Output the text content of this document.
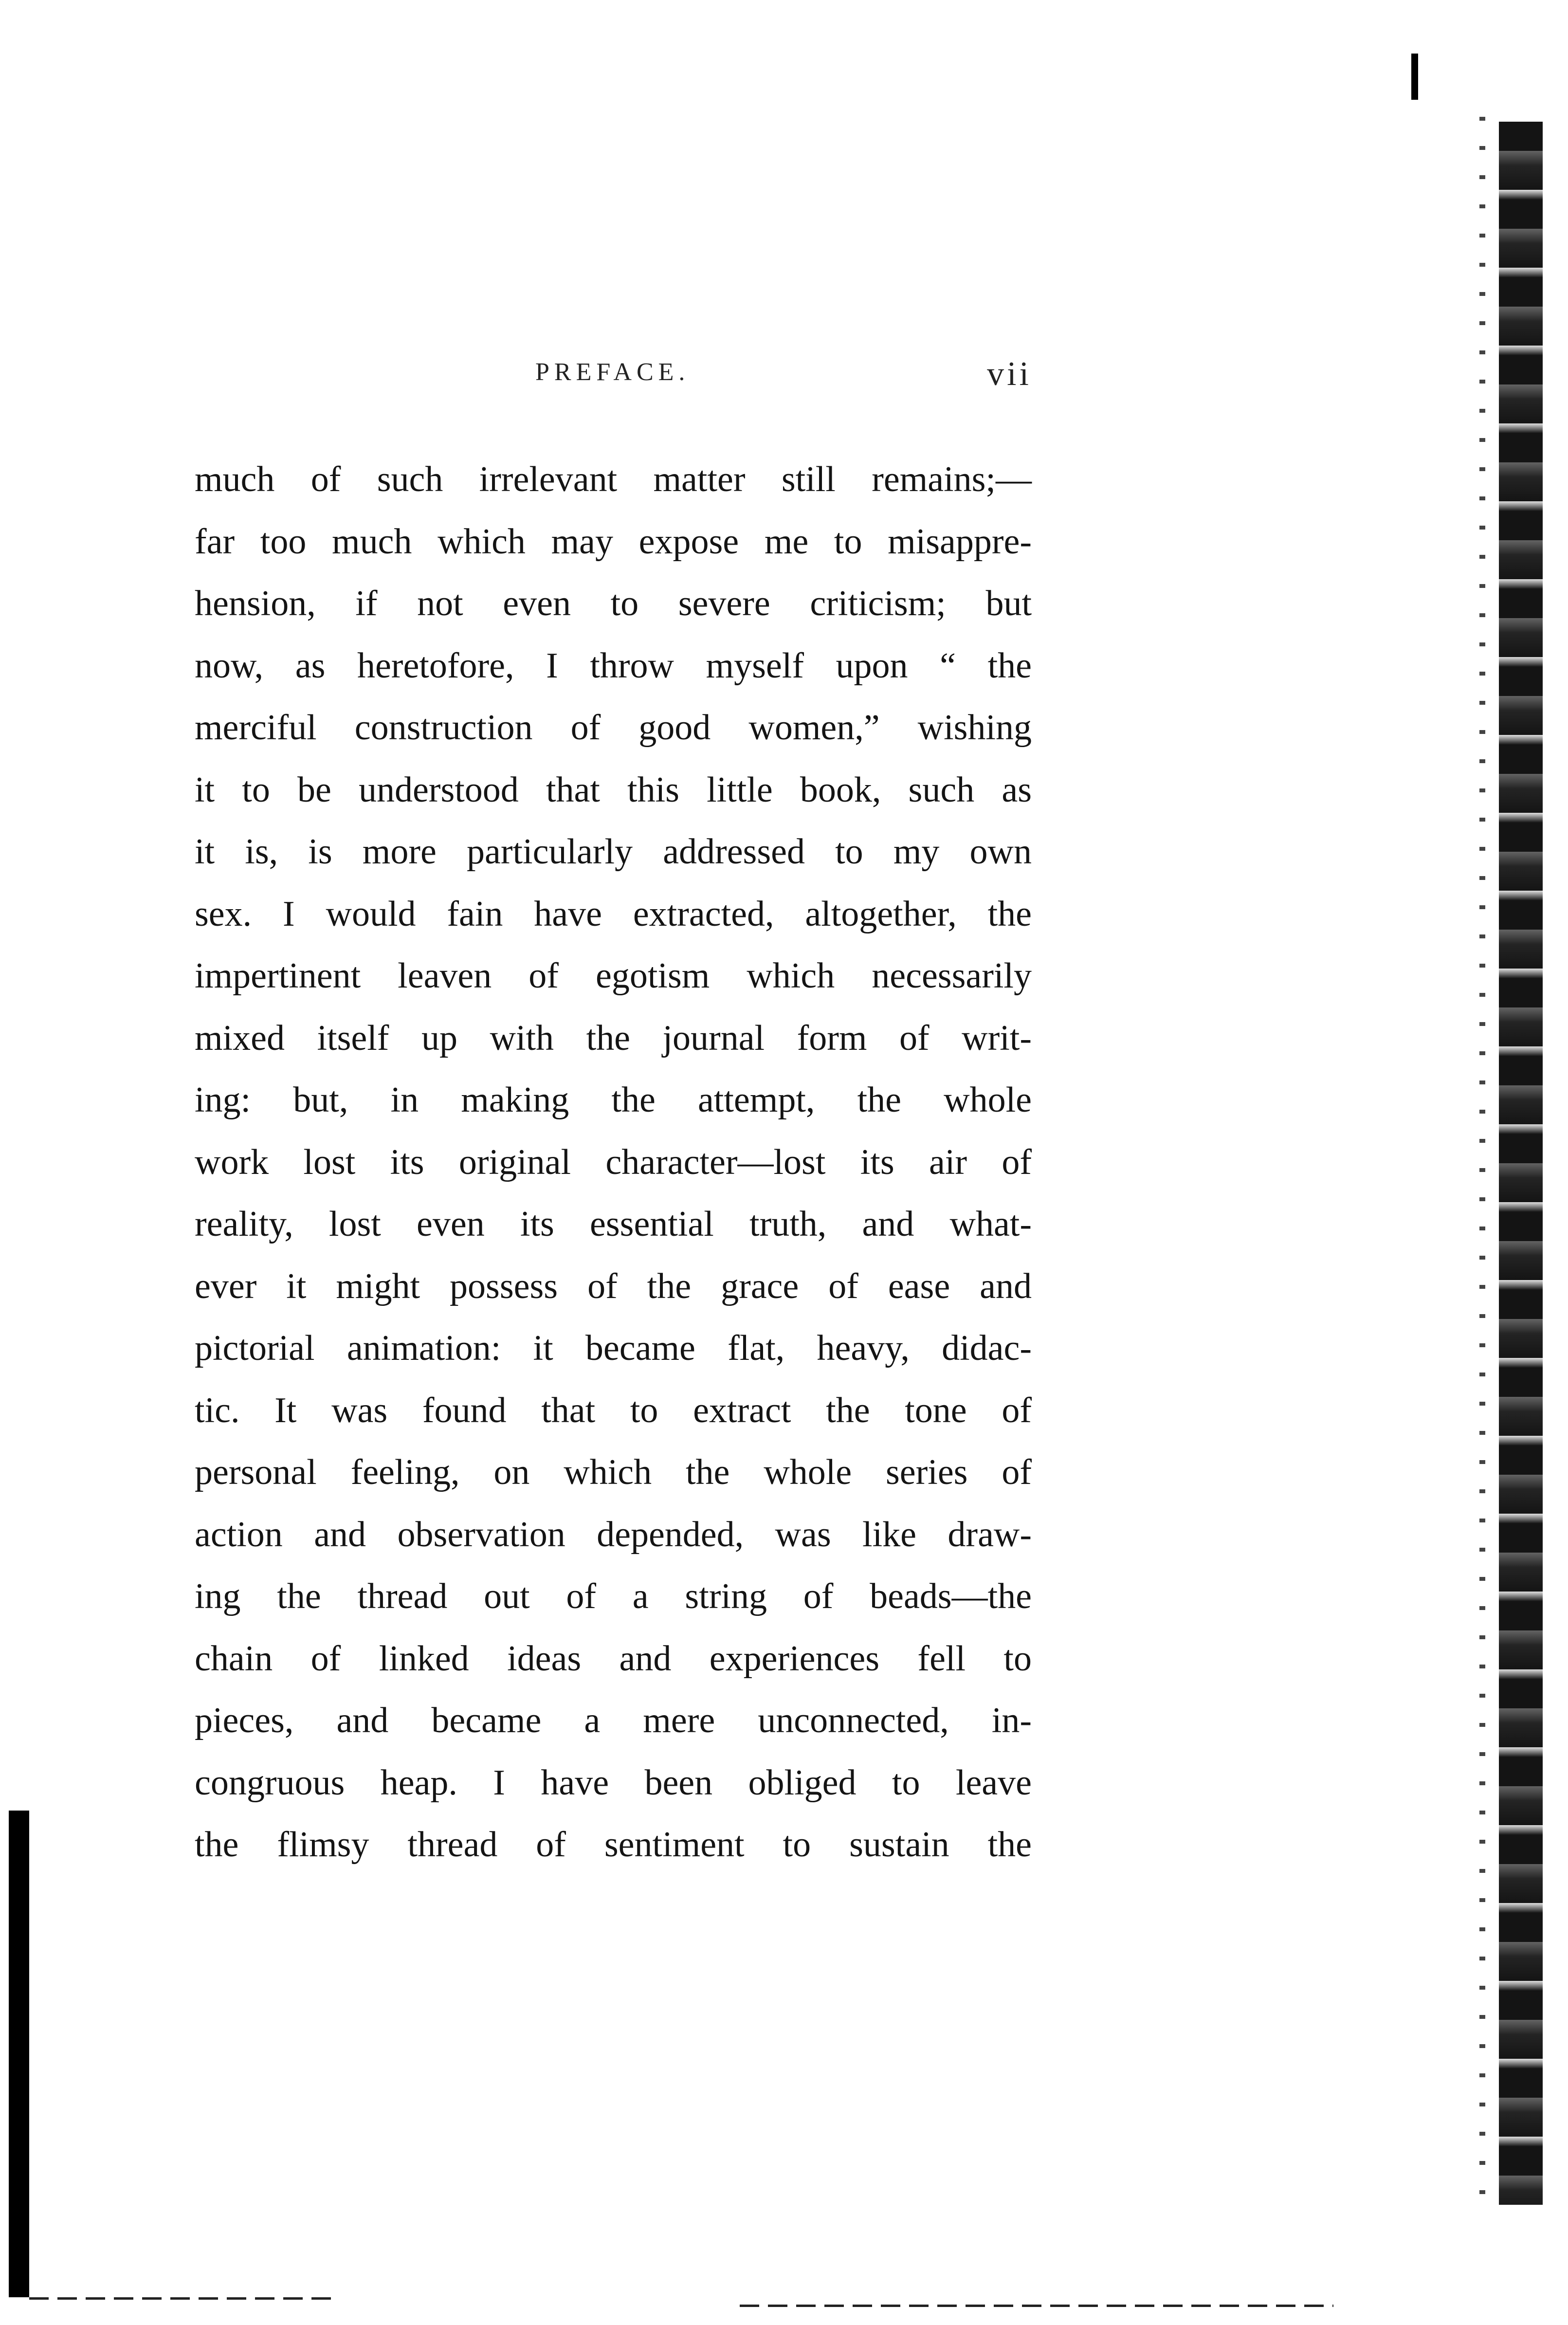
PREFACE.	vii
much of such irrelevant matter still remains;—
far too much which may expose me to misappre-
hension, if not even to severe criticism; but
now, as heretofore, I throw myself upon “ the
merciful construction of good women,” wishing
it to be understood that this little book, such as
it is, is more particularly addressed to my own
sex. I would fain have extracted, altogether, the
impertinent leaven of egotism which necessarily
mixed itself up with the journal form of writ-
ing: but, in making the attempt, the whole
work lost its original character—lost its air of
reality, lost even its essential truth, and what-
ever it might possess of the grace of ease and
pictorial animation: it became flat, heavy, didac-
tic. It was found that to extract the tone of
personal feeling, on which the whole series of
action and observation depended, was like draw-
ing the thread out of a string of beads—the
chain of linked ideas and experiences fell to
pieces, and became a mere unconnected, in-
congruous heap. I have been obliged to leave
the flimsy thread of sentiment to sustain the
